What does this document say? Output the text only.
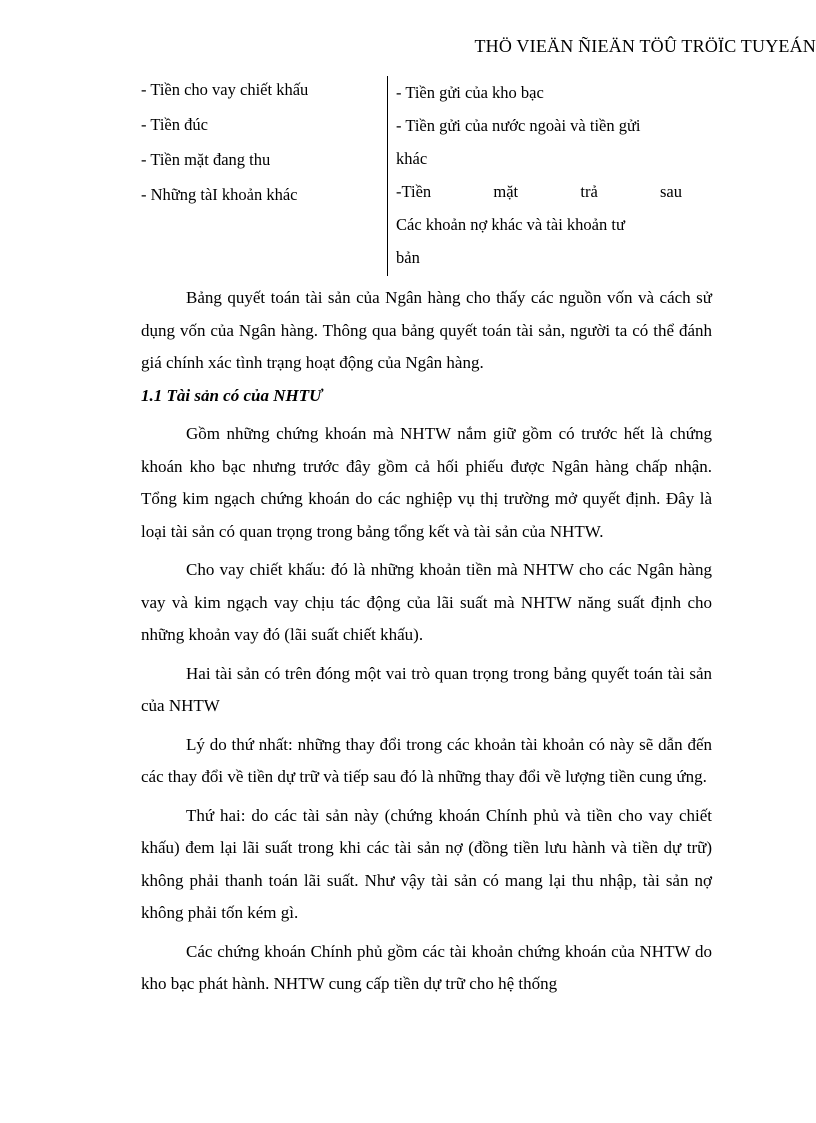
THÖ VIEÄN ÑIEÄN TÖÛ TRÖÏC TUYEÁN
- Tiền cho vay chiết khấu
- Tiền đúc
- Tiền mặt đang thu
- Những tàI khoản khác
- Tiền gửi của kho bạc
- Tiền gửi của nước ngoài và tiền gửi
khác
-Tiền mặt trả sau
Các khoản nợ khác và tài khoản tư
bản

Bảng quyết toán tài sản của Ngân hàng cho thấy các nguồn vốn và cách sử dụng vốn của Ngân hàng. Thông qua bảng quyết toán tài sản, người ta có thể đánh giá chính xác tình trạng hoạt động của Ngân hàng.

1.1 Tài sản có của NHTƯ

Gồm những chứng khoán mà NHTW nắm giữ gồm có trước hết là chứng khoán kho bạc nhưng trước đây gồm cả hối phiếu được Ngân hàng chấp nhận. Tổng kim ngạch chứng khoán do các nghiệp vụ thị trường mở quyết định. Đây là loại tài sản có quan trọng trong bảng tổng kết và tài sản của NHTW.

Cho vay chiết khấu: đó là những khoản tiền mà NHTW cho các Ngân hàng vay và kim ngạch vay chịu tác động của lãi suất mà NHTW năng suất định cho những khoản vay đó (lãi suất chiết khấu).

Hai tài sản có trên đóng một vai trò quan trọng trong bảng quyết toán tài sản của NHTW

Lý do thứ nhất: những thay đổi trong các khoản tài khoản có này sẽ dẫn đến các thay đổi về tiền dự trữ và tiếp sau đó là những thay đổi về lượng tiền cung ứng.

Thứ hai: do các tài sản này (chứng khoán Chính phủ và tiền cho vay chiết khấu) đem lại lãi suất trong khi các tài sản nợ (đồng tiền lưu hành và tiền dự trữ) không phải thanh toán lãi suất. Như vậy tài sản có mang lại thu nhập, tài sản nợ không phải tốn kém gì.

Các chứng khoán Chính phủ gồm các tài khoản chứng khoán của NHTW do kho bạc phát hành. NHTW cung cấp tiền dự trữ cho hệ thống
